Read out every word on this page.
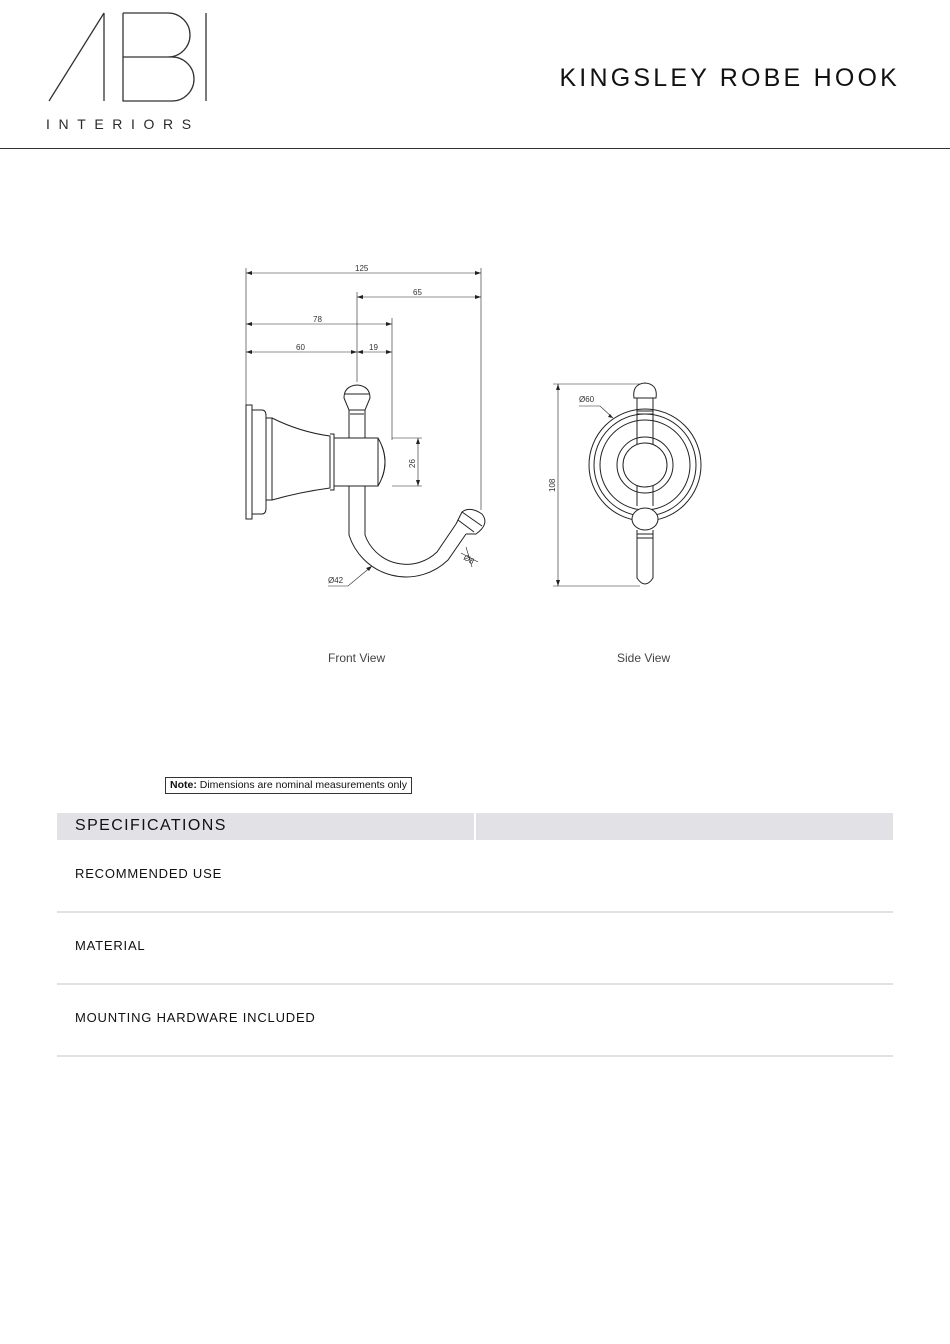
INTERIORS
KINGSLEY ROBE HOOK
125
65
78
60	19
26
Ø42
Ø8
Ø60
108
Front View	Side View
Note: Dimensions are nominal measurements only
SPECIFICATIONS
RECOMMENDED USE
MATERIAL
MOUNTING HARDWARE INCLUDED
